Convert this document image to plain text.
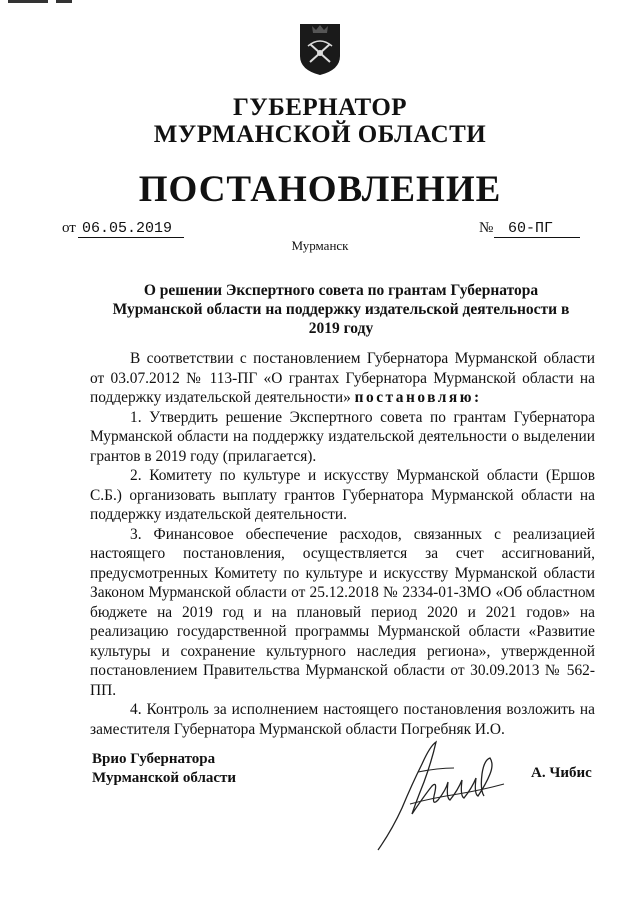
ГУБЕРНАТОР
МУРМАНСКОЙ ОБЛАСТИ
ПОСТАНОВЛЕНИЕ
от 06.05.2019	№ 60-ПГ
Мурманск
О решении Экспертного совета по грантам Губернатора Мурманской области на поддержку издательской деятельности в 2019 году

В соответствии с постановлением Губернатора Мурманской области от 03.07.2012 № 113-ПГ «О грантах Губернатора Мурманской области на поддержку издательской деятельности» постановляю:

1. Утвердить решение Экспертного совета по грантам Губернатора Мурманской области на поддержку издательской деятельности о выделении грантов в 2019 году (прилагается).

2. Комитету по культуре и искусству Мурманской области (Ершов С.Б.) организовать выплату грантов Губернатора Мурманской области на поддержку издательской деятельности.

3. Финансовое обеспечение расходов, связанных с реализацией настоящего постановления, осуществляется за счет ассигнований, предусмотренных Комитету по культуре и искусству Мурманской области Законом Мурманской области от 25.12.2018 № 2334-01-ЗМО «Об областном бюджете на 2019 год и на плановый период 2020 и 2021 годов» на реализацию государственной программы Мурманской области «Развитие культуры и сохранение культурного наследия региона», утвержденной постановлением Правительства Мурманской области от 30.09.2013 № 562-ПП.

4. Контроль за исполнением настоящего постановления возложить на заместителя Губернатора Мурманской области Погребняк И.О.

Врио Губернатора
Мурманской области	А. Чибис
